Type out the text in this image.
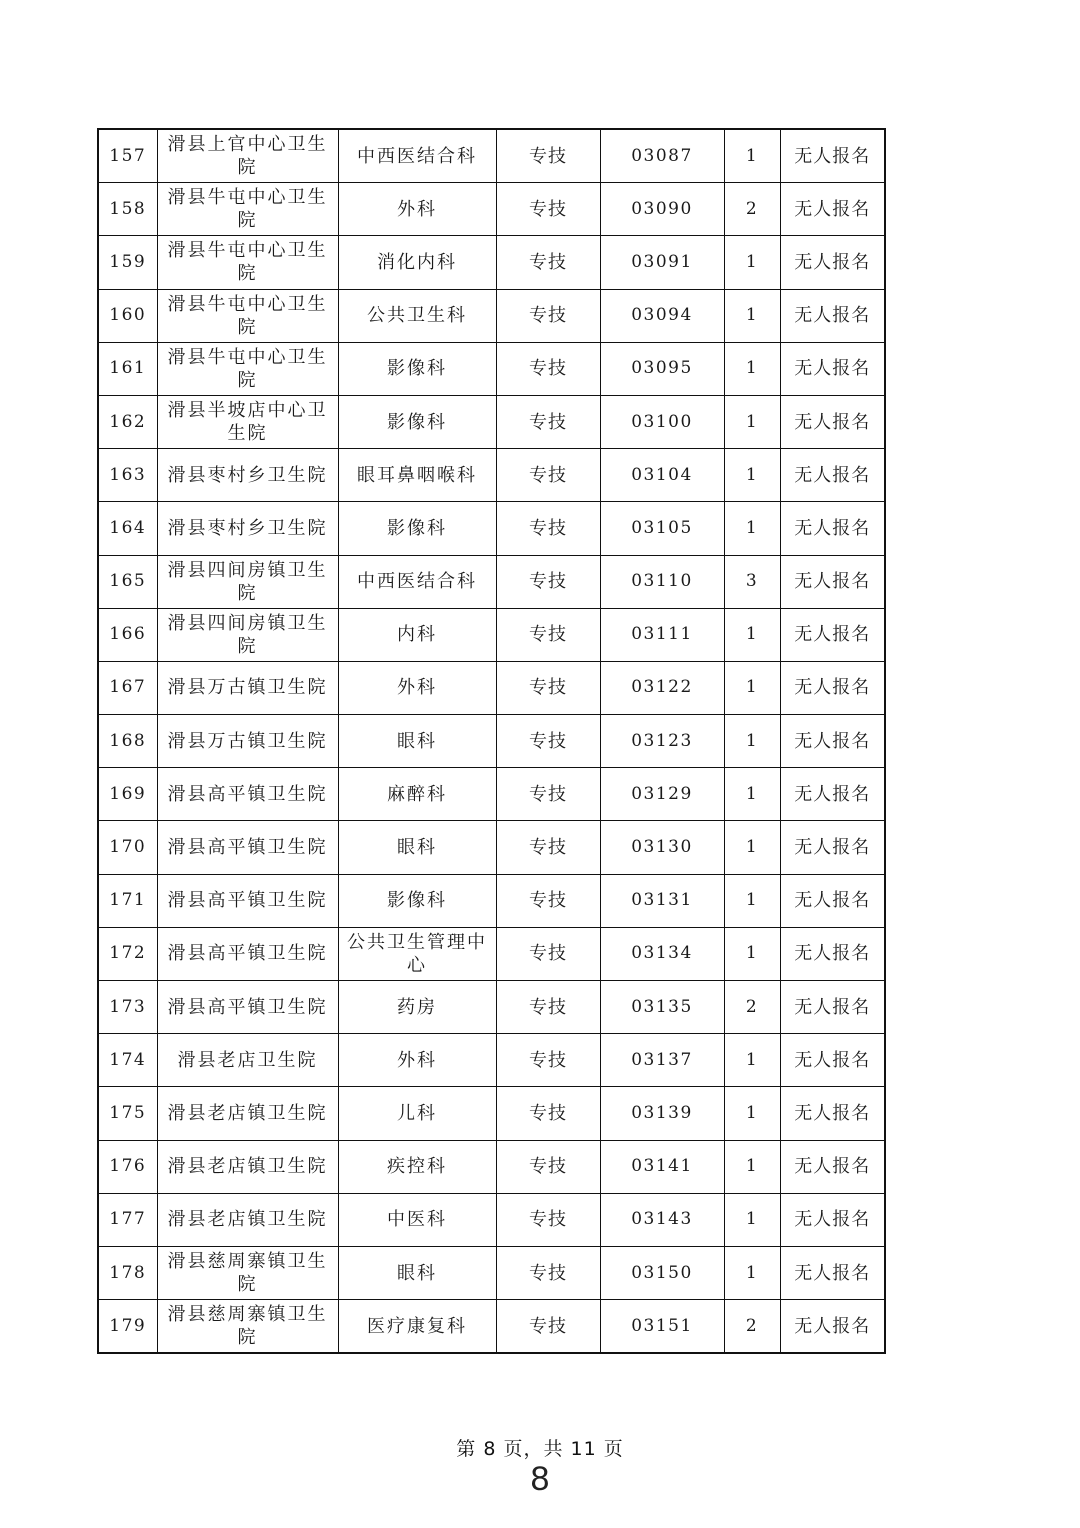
157	滑县上官中心卫生院	中西医结合科	专技	03087	1	无人报名
158	滑县牛屯中心卫生院	外科	专技	03090	2	无人报名
159	滑县牛屯中心卫生院	消化内科	专技	03091	1	无人报名
160	滑县牛屯中心卫生院	公共卫生科	专技	03094	1	无人报名
161	滑县牛屯中心卫生院	影像科	专技	03095	1	无人报名
162	滑县半坡店中心卫生院	影像科	专技	03100	1	无人报名
163	滑县枣村乡卫生院	眼耳鼻咽喉科	专技	03104	1	无人报名
164	滑县枣村乡卫生院	影像科	专技	03105	1	无人报名
165	滑县四间房镇卫生院	中西医结合科	专技	03110	3	无人报名
166	滑县四间房镇卫生院	内科	专技	03111	1	无人报名
167	滑县万古镇卫生院	外科	专技	03122	1	无人报名
168	滑县万古镇卫生院	眼科	专技	03123	1	无人报名
169	滑县高平镇卫生院	麻醉科	专技	03129	1	无人报名
170	滑县高平镇卫生院	眼科	专技	03130	1	无人报名
171	滑县高平镇卫生院	影像科	专技	03131	1	无人报名
172	滑县高平镇卫生院	公共卫生管理中心	专技	03134	1	无人报名
173	滑县高平镇卫生院	药房	专技	03135	2	无人报名
174	滑县老店卫生院	外科	专技	03137	1	无人报名
175	滑县老店镇卫生院	儿科	专技	03139	1	无人报名
176	滑县老店镇卫生院	疾控科	专技	03141	1	无人报名
177	滑县老店镇卫生院	中医科	专技	03143	1	无人报名
178	滑县慈周寨镇卫生院	眼科	专技	03150	1	无人报名
179	滑县慈周寨镇卫生院	医疗康复科	专技	03151	2	无人报名
第 8 页，共 11 页
8
